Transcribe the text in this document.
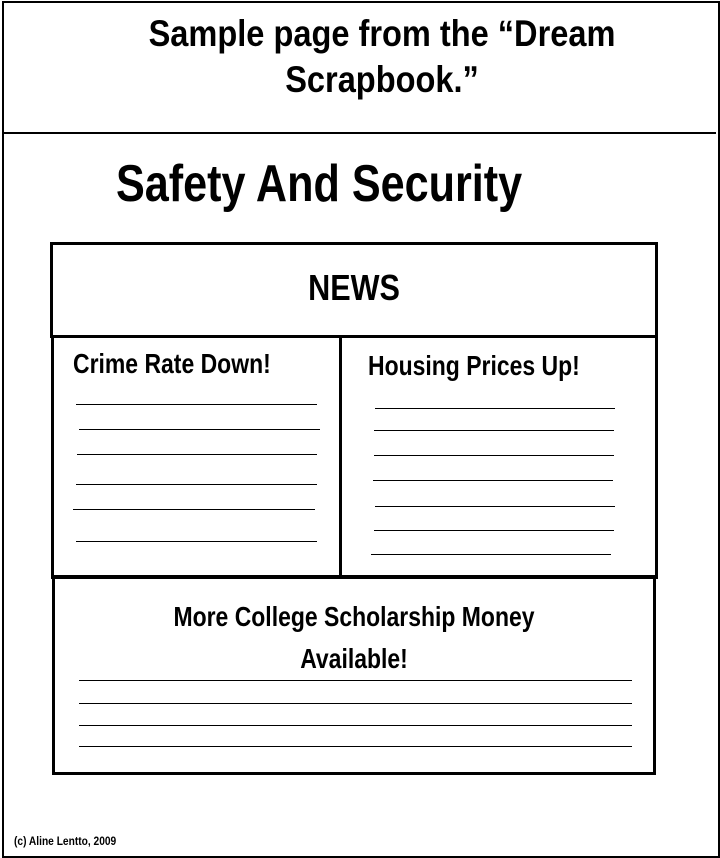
Sample page from the “Dream Scrapbook.”
Safety And Security
NEWS
Crime Rate Down!	Housing Prices Up!
More College Scholarship Money
Available!
(c) Aline Lentto, 2009
